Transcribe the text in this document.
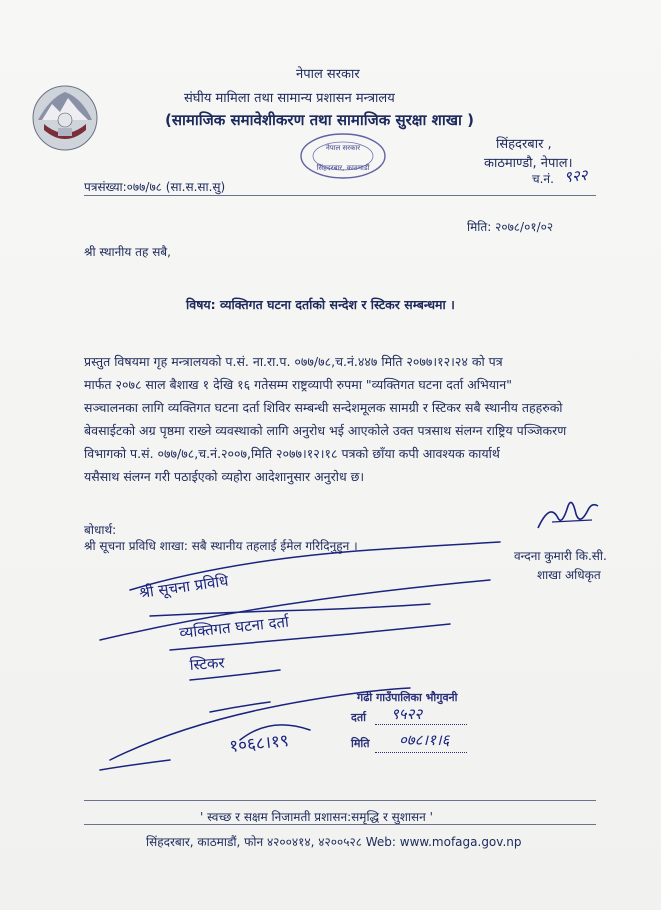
नेपाल सरकार
संघीय मामिला तथा सामान्य प्रशासन मन्त्रालय
(सामाजिक समावेशीकरण तथा सामाजिक सुरक्षा शाखा )
सिंहदरबार ,
काठमाण्डौ, नेपाल।
नेपाल सरकार
सिंहदरबार, काठमाडौं
पत्रसंख्या:०७७/७८ (सा.स.सा.सु)
च.नं. ९२२
मिति: २०७८/०१/०२
श्री स्थानीय तह सबै,
विषय: व्यक्तिगत घटना दर्ताको सन्देश र स्टिकर सम्बन्धमा ।
प्रस्तुत विषयमा गृह मन्त्रालयको प.सं. ना.रा.प. ०७७/७८,च.नं.४४७ मिति २०७७।१२।२४ को पत्र
मार्फत २०७८ साल बैशाख १ देखि १६ गतेसम्म राष्ट्रव्यापी रुपमा "व्यक्तिगत घटना दर्ता अभियान"
सञ्चालनका लागि व्यक्तिगत घटना दर्ता शिविर सम्बन्धी सन्देशमूलक सामग्री र स्टिकर सबै स्थानीय तहहरुको
बेवसाईटको अग्र पृष्ठमा राख्ने व्यवस्थाको लागि अनुरोध भई आएकोले उक्त पत्रसाथ संलग्न राष्ट्रिय पञ्जिकरण
विभागको प.सं. ०७७/७८,च.नं.२००७,मिति २०७७।१२।१८ पत्रको छाँया कपी आवश्यक कार्यार्थ
यसैसाथ संलग्न गरी पठाईएको व्यहोरा आदेशानुसार अनुरोध छ।
वन्दना कुमारी कि.सी.
शाखा अधिकृत
बोधार्थ:
श्री सूचना प्रविधि शाखा: सबै स्थानीय तहलाई ईमेल गरिदिनुहुन ।
श्री सूचना प्रविधि
व्यक्तिगत घटना दर्ता
स्टिकर
१०६८।१९
गढी गाउँपालिका भौगुवनी
दर्ता ९५२२
मिति ०७८।१।६
' स्वच्छ र सक्षम निजामती प्रशासन:समृद्धि र सुशासन '
सिंहदरबार, काठमाडौं, फोन ४२००४१४, ४२००५२८ Web: www.mofaga.gov.np
